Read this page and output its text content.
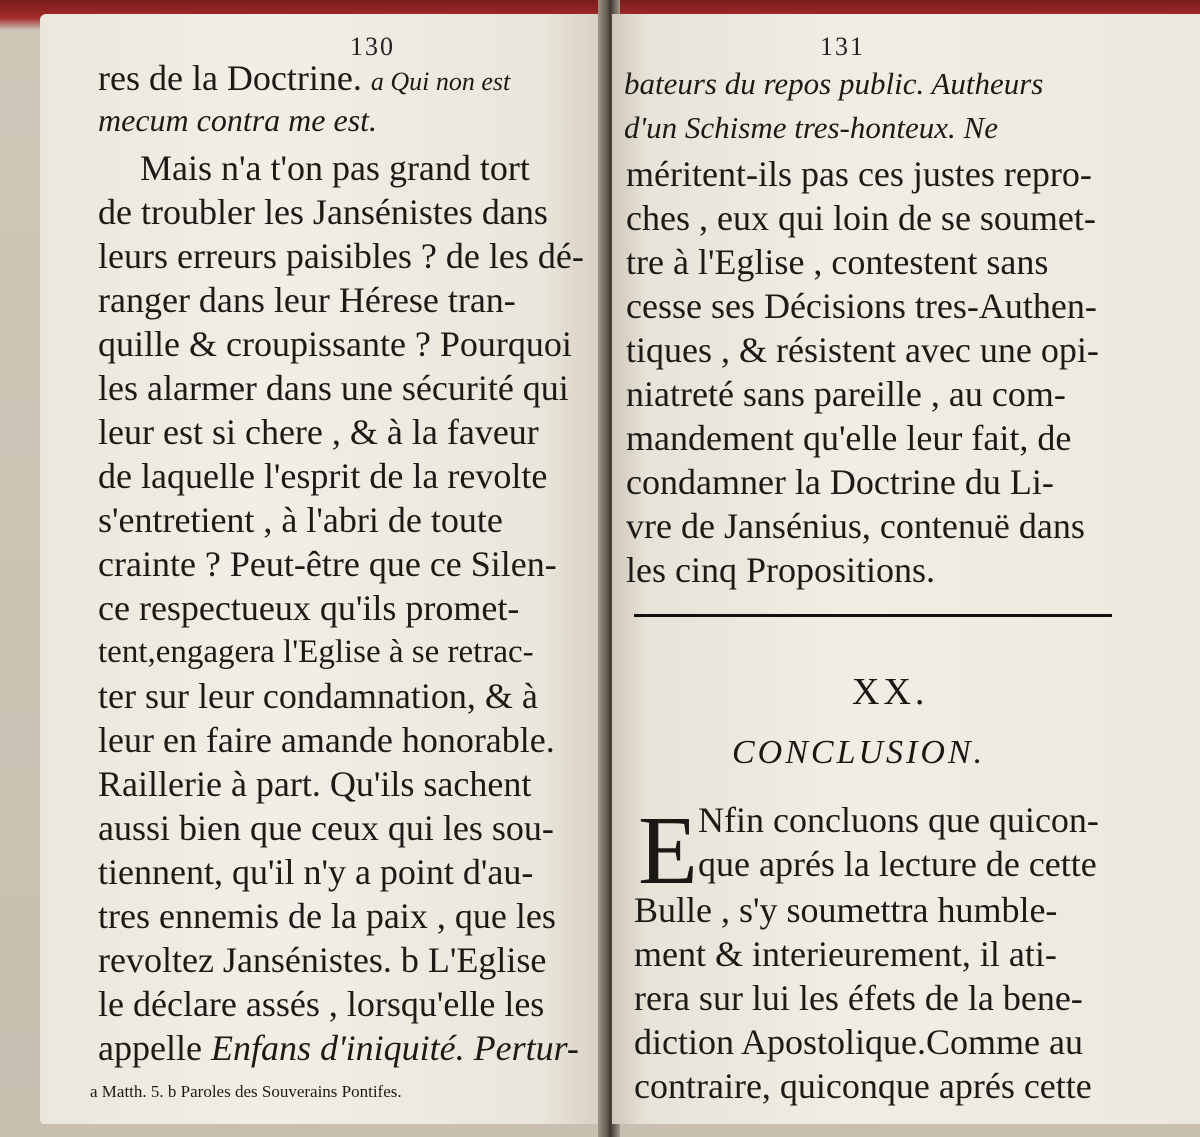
130
res de la Doctrine. a Qui non est
mecum contra me est.
Mais n'a t'on pas grand tort
de troubler les Jansénistes dans
leurs erreurs paisibles ? de les dé-
ranger dans leur Hérese tran-
quille & croupissante ? Pourquoi
les alarmer dans une sécurité qui
leur est si chere , & à la faveur
de laquelle l'esprit de la revolte
s'entretient , à l'abri de toute
crainte ? Peut-être que ce Silen-
ce respectueux qu'ils promet-
tent,engagera l'Eglise à se retrac-
ter sur leur condamnation, & à
leur en faire amande honorable.
Raillerie à part. Qu'ils sachent
aussi bien que ceux qui les sou-
tiennent, qu'il n'y a point d'au-
tres ennemis de la paix , que les
revoltez Jansénistes. b L'Eglise
le déclare assés , lorsqu'elle les
appelle Enfans d'iniquité. Pertur-
a Matth. 5. b Paroles des Souverains Pontifes.
131
bateurs du repos public. Autheurs
d'un Schisme tres-honteux. Ne
méritent-ils pas ces justes repro-
ches , eux qui loin de se soumet-
tre à l'Eglise , contestent sans
cesse ses Décisions tres-Authen-
tiques , & résistent avec une opi-
niatreté sans pareille , au com-
mandement qu'elle leur fait, de
condamner la Doctrine du Li-
vre de Jansénius, contenuë dans
les cinq Propositions.
XX.
CONCLUSION.
E Nfin concluons que quicon-
que aprés la lecture de cette
Bulle , s'y soumettra humble-
ment & interieurement, il ati-
rera sur lui les éfets de la bene-
diction Apostolique.Comme au
contraire, quiconque aprés cette
